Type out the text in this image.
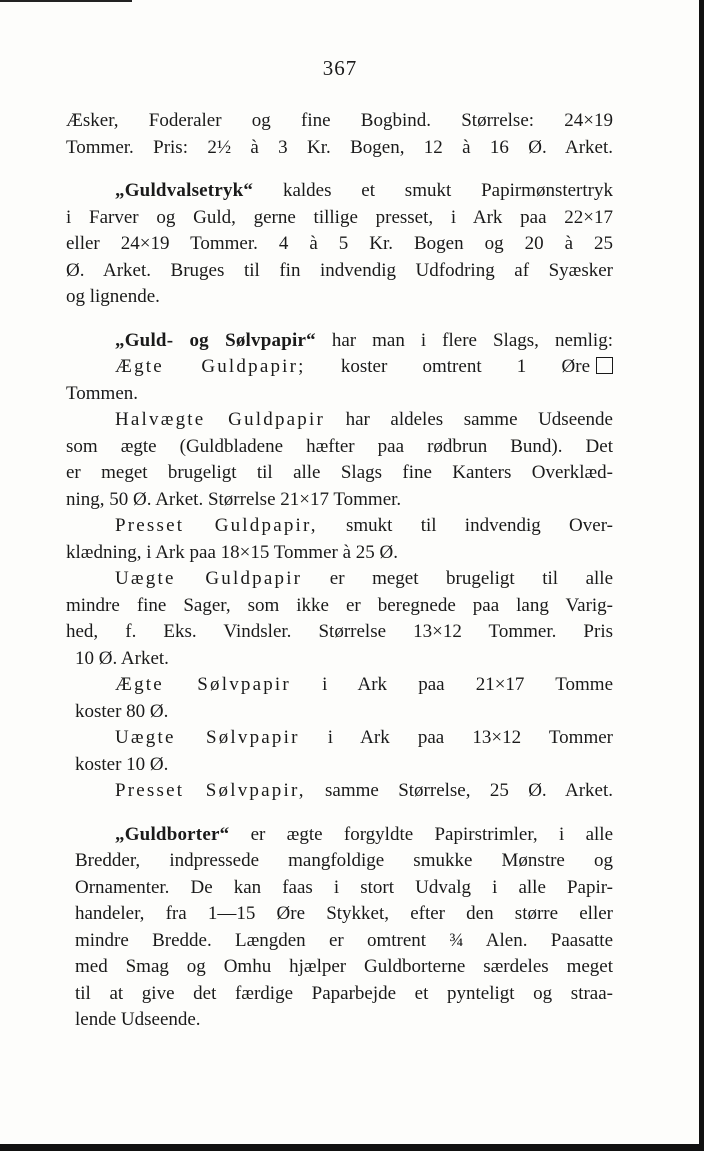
367
Æsker, Foderaler og fine Bogbind. Størrelse: 24×19
Tommer. Pris: 2½ à 3 Kr. Bogen, 12 à 16 Ø. Arket.
„Guldvalsetryk“ kaldes et smukt Papirmønstertryk
i Farver og Guld, gerne tillige presset, i Ark paa 22×17
eller 24×19 Tommer. 4 à 5 Kr. Bogen og 20 à 25
Ø. Arket. Bruges til fin indvendig Udfodring af Syæsker
og lignende.
„Guld- og Sølvpapir“ har man i flere Slags, nemlig:
Ægte Guldpapir; koster omtrent 1 Øre
Tommen.
Halvægte Guldpapir har aldeles samme Udseende
som ægte (Guldbladene hæfter paa rødbrun Bund). Det
er meget brugeligt til alle Slags fine Kanters Overklæd-
ning, 50 Ø. Arket. Størrelse 21×17 Tommer.
Presset Guldpapir, smukt til indvendig Over-
klædning, i Ark paa 18×15 Tommer à 25 Ø.
Uægte Guldpapir er meget brugeligt til alle
mindre fine Sager, som ikke er beregnede paa lang Varig-
hed, f. Eks. Vindsler. Størrelse 13×12 Tommer. Pris
10 Ø. Arket.
Ægte Sølvpapir i Ark paa 21×17 Tomme
koster 80 Ø.
Uægte Sølvpapir i Ark paa 13×12 Tommer
koster 10 Ø.
Presset Sølvpapir, samme Størrelse, 25 Ø. Arket.
„Guldborter“ er ægte forgyldte Papirstrimler, i alle
Bredder, indpressede mangfoldige smukke Mønstre og
Ornamenter. De kan faas i stort Udvalg i alle Papir-
handeler, fra 1—15 Øre Stykket, efter den større eller
mindre Bredde. Længden er omtrent ¾ Alen. Paasatte
med Smag og Omhu hjælper Guldborterne særdeles meget
til at give det færdige Paparbejde et pynteligt og straa-
lende Udseende.
